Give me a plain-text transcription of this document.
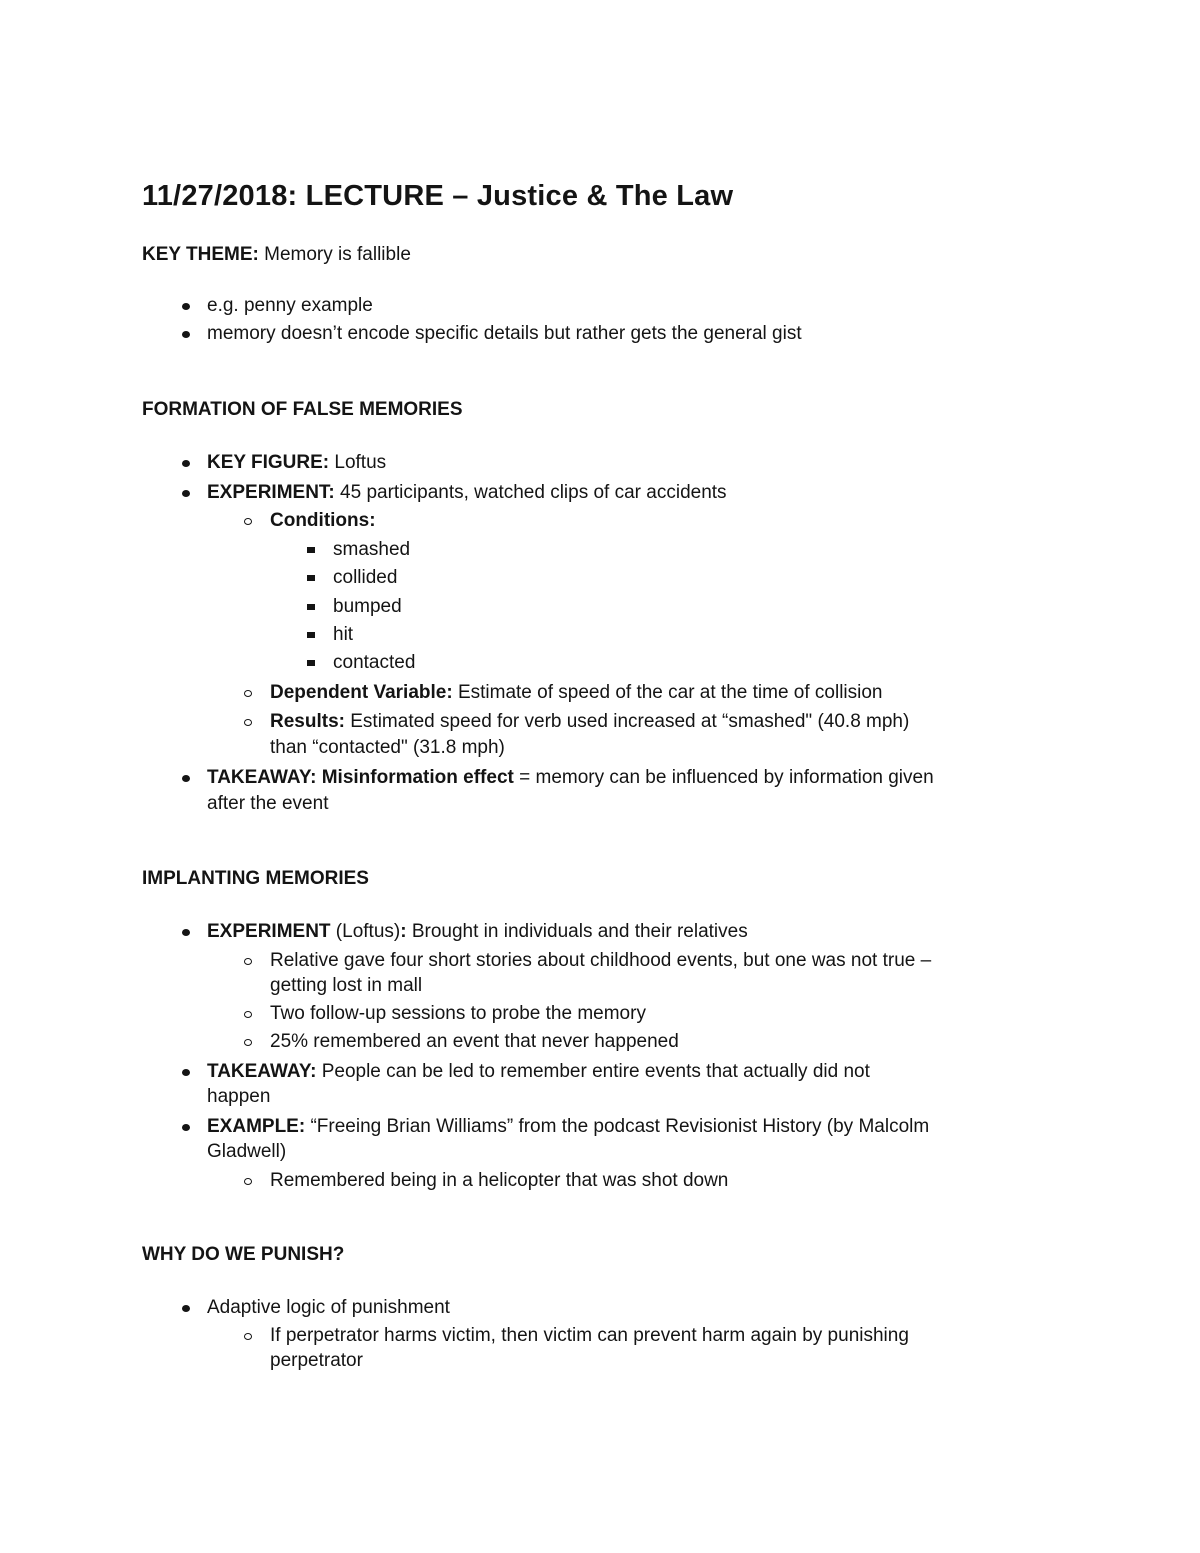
11/27/2018: LECTURE – Justice & The Law

KEY THEME: Memory is fallible

e.g. penny example

memory doesn’t encode specific details but rather gets the general gist

FORMATION OF FALSE MEMORIES

KEY FIGURE: Loftus

EXPERIMENT: 45 participants, watched clips of car accidents

Conditions:

smashed

collided

bumped

hit

contacted

Dependent Variable: Estimate of speed of the car at the time of collision

Results: Estimated speed for verb used increased at “smashed" (40.8 mph)

than “contacted" (31.8 mph)

TAKEAWAY: Misinformation effect = memory can be influenced by information given

after the event

IMPLANTING MEMORIES

EXPERIMENT (Loftus): Brought in individuals and their relatives

Relative gave four short stories about childhood events, but one was not true –

getting lost in mall

Two follow-up sessions to probe the memory

25% remembered an event that never happened

TAKEAWAY: People can be led to remember entire events that actually did not

happen

EXAMPLE: “Freeing Brian Williams” from the podcast Revisionist History (by Malcolm

Gladwell)

Remembered being in a helicopter that was shot down

WHY DO WE PUNISH?

Adaptive logic of punishment

If perpetrator harms victim, then victim can prevent harm again by punishing

perpetrator
